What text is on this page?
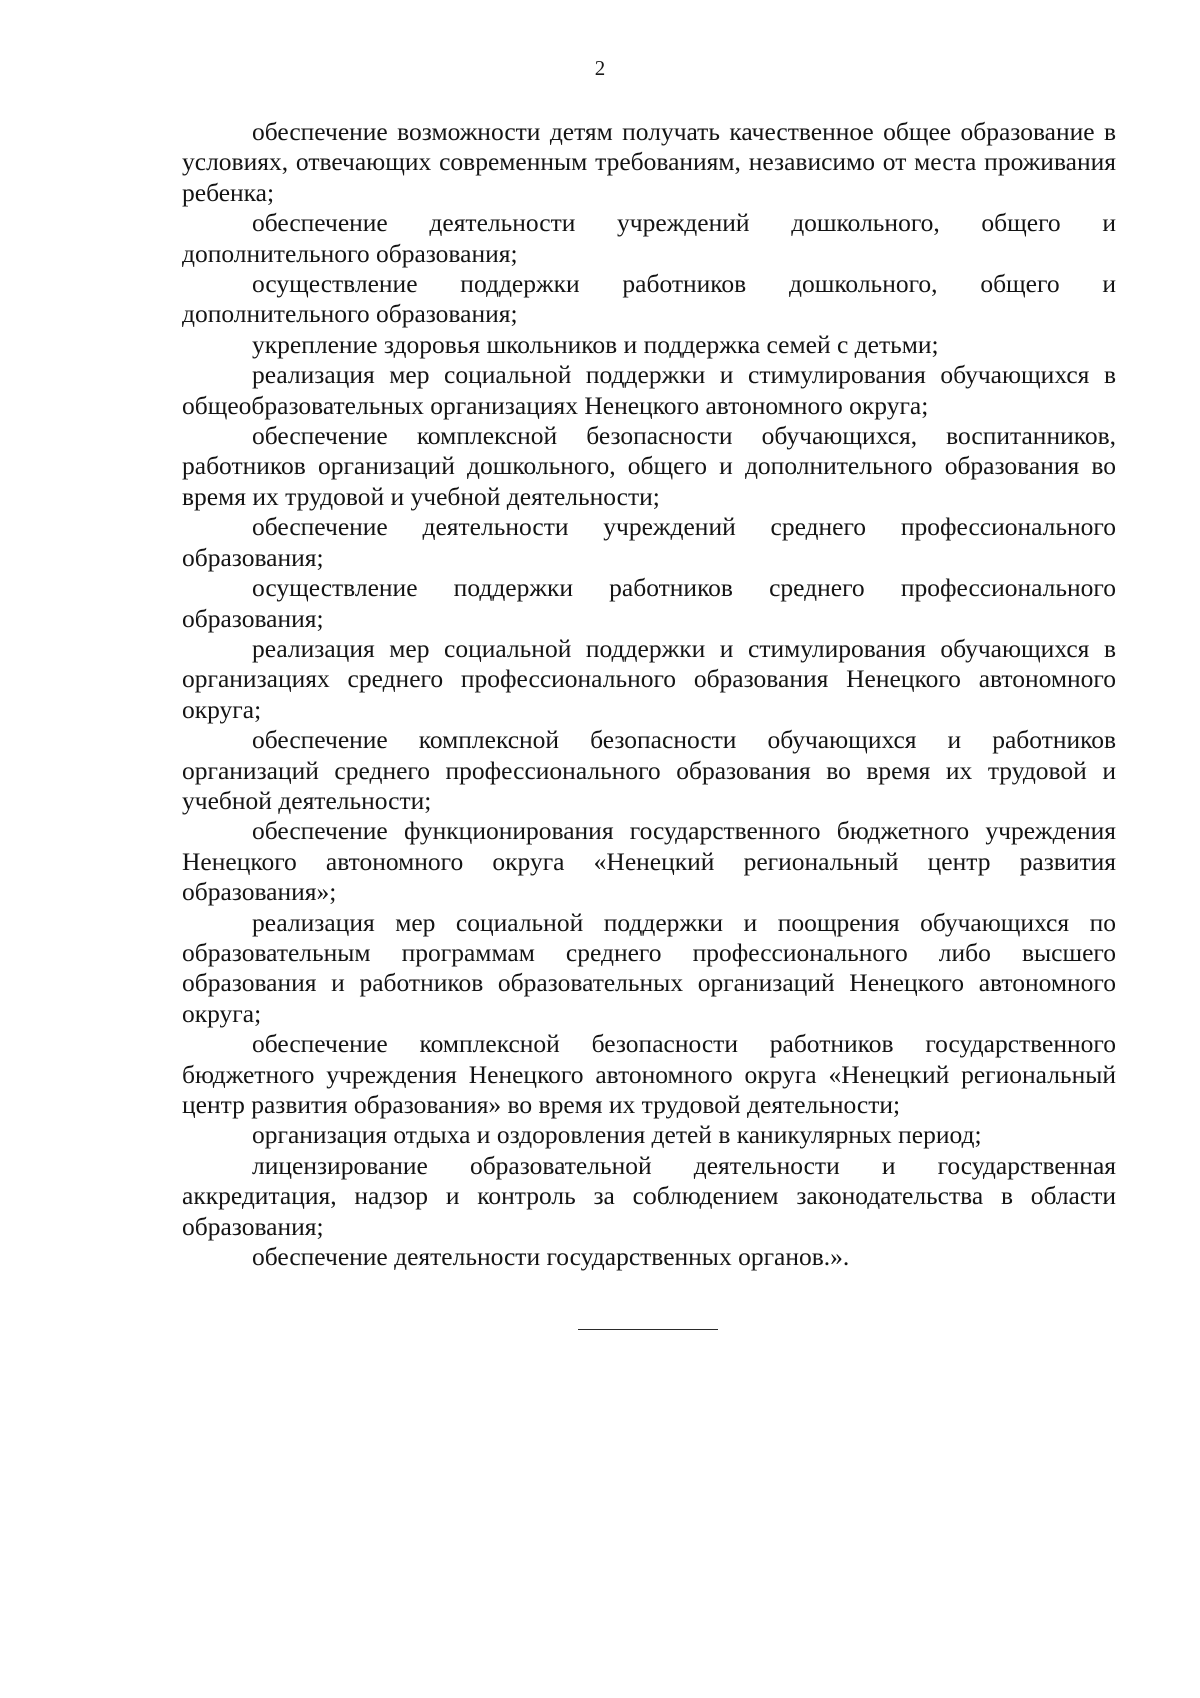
2

обеспечение возможности детям получать качественное общее образование в условиях, отвечающих современным требованиям, независимо от места проживания ребенка;

обеспечение деятельности учреждений дошкольного, общего и дополнительного образования;

осуществление поддержки работников дошкольного, общего и дополнительного образования;

укрепление здоровья школьников и поддержка семей с детьми;

реализация мер социальной поддержки и стимулирования обучающихся в общеобразовательных организациях Ненецкого автономного округа;

обеспечение комплексной безопасности обучающихся, воспитанников, работников организаций дошкольного, общего и дополнительного образования во время их трудовой и учебной деятельности;

обеспечение деятельности учреждений среднего профессионального образования;

осуществление поддержки работников среднего профессионального образования;

реализация мер социальной поддержки и стимулирования обучающихся в организациях среднего профессионального образования Ненецкого автономного округа;

обеспечение комплексной безопасности обучающихся и работников организаций среднего профессионального образования во время их трудовой и учебной деятельности;

обеспечение функционирования государственного бюджетного учреждения Ненецкого автономного округа «Ненецкий региональный центр развития образования»;

реализация мер социальной поддержки и поощрения обучающихся по образовательным программам среднего профессионального либо высшего образования и работников образовательных организаций Ненецкого автономного округа;

обеспечение комплексной безопасности работников государственного бюджетного учреждения Ненецкого автономного округа «Ненецкий региональный центр развития образования» во время их трудовой деятельности;

организация отдыха и оздоровления детей в каникулярных период;

лицензирование образовательной деятельности и государственная аккредитация, надзор и контроль за соблюдением законодательства в области образования;

обеспечение деятельности государственных органов.».
